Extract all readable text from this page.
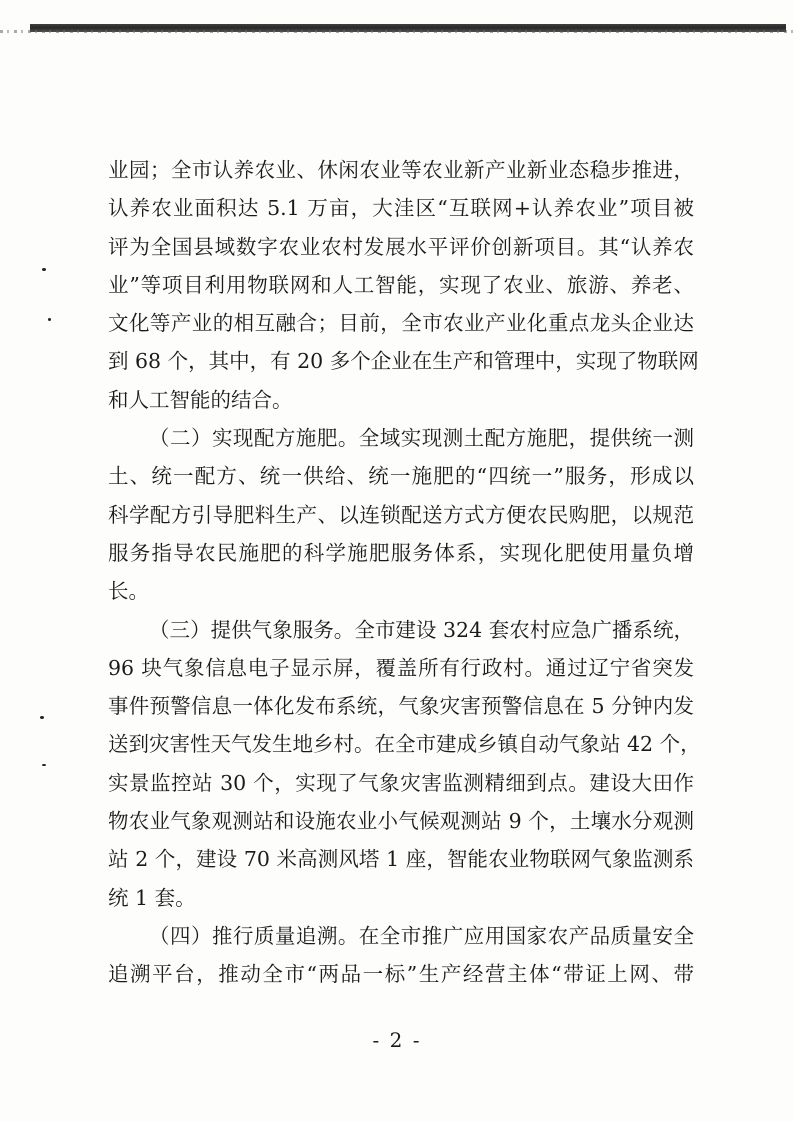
业园；全市认养农业、休闲农业等农业新产业新业态稳步推进，
认养农业面积达 5.1 万亩，大洼区“互联网+认养农业”项目被
评为全国县域数字农业农村发展水平评价创新项目。其“认养农
业”等项目利用物联网和人工智能，实现了农业、旅游、养老、
文化等产业的相互融合；目前，全市农业产业化重点龙头企业达
到 68 个，其中，有 20 多个企业在生产和管理中，实现了物联网
和人工智能的结合。
（二）实现配方施肥。全域实现测土配方施肥，提供统一测
土、统一配方、统一供给、统一施肥的“四统一”服务，形成以
科学配方引导肥料生产、以连锁配送方式方便农民购肥，以规范
服务指导农民施肥的科学施肥服务体系，实现化肥使用量负增
长。
（三）提供气象服务。全市建设 324 套农村应急广播系统，
96 块气象信息电子显示屏，覆盖所有行政村。通过辽宁省突发
事件预警信息一体化发布系统，气象灾害预警信息在 5 分钟内发
送到灾害性天气发生地乡村。在全市建成乡镇自动气象站 42 个，
实景监控站 30 个，实现了气象灾害监测精细到点。建设大田作
物农业气象观测站和设施农业小气候观测站 9 个，土壤水分观测
站 2 个，建设 70 米高测风塔 1 座，智能农业物联网气象监测系
统 1 套。
（四）推行质量追溯。在全市推广应用国家农产品质量安全
追溯平台，推动全市“两品一标”生产经营主体“带证上网、带
- 2 -
